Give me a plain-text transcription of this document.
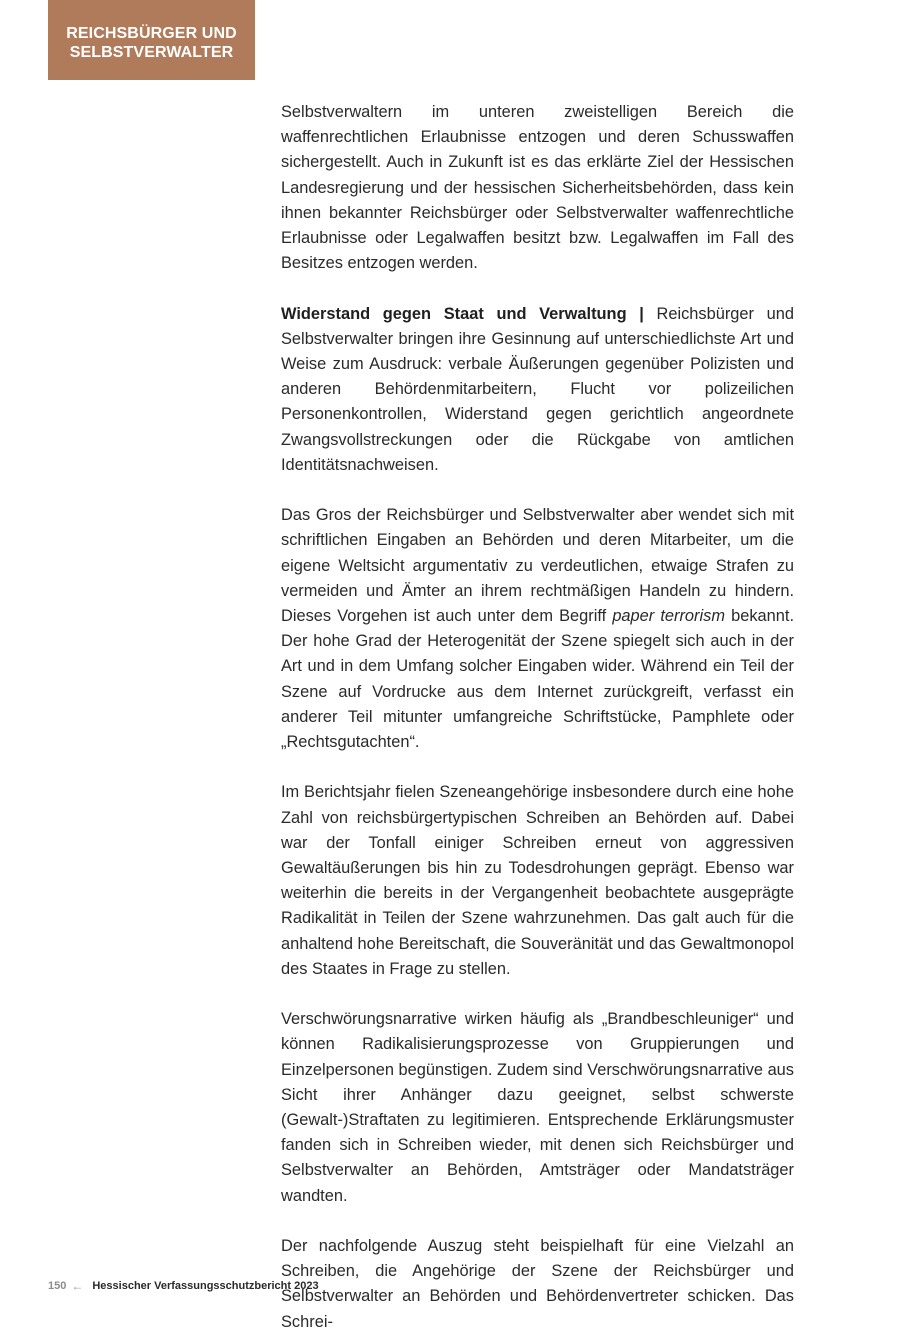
REICHSBÜRGER UND
SELBSTVERWALTER

Selbstverwaltern im unteren zweistelligen Bereich die waffenrechtlichen Erlaubnisse entzogen und deren Schusswaffen sichergestellt. Auch in Zukunft ist es das erklärte Ziel der Hessischen Landesregierung und der hessischen Sicherheitsbehörden, dass kein ihnen bekannter Reichsbürger oder Selbstverwalter waffenrechtliche Erlaubnisse oder Legalwaffen besitzt bzw. Legalwaffen im Fall des Besitzes entzogen werden.

Widerstand gegen Staat und Verwaltung | Reichsbürger und Selbstverwalter bringen ihre Gesinnung auf unterschiedlichste Art und Weise zum Ausdruck: verbale Äußerungen gegenüber Polizisten und anderen Behördenmitarbeitern, Flucht vor polizeilichen Personenkontrollen, Widerstand gegen gerichtlich angeordnete Zwangsvollstreckungen oder die Rückgabe von amtlichen Identitätsnachweisen.

Das Gros der Reichsbürger und Selbstverwalter aber wendet sich mit schriftlichen Eingaben an Behörden und deren Mitarbeiter, um die eigene Weltsicht argumentativ zu verdeutlichen, etwaige Strafen zu vermeiden und Ämter an ihrem rechtmäßigen Handeln zu hindern. Dieses Vorgehen ist auch unter dem Begriff paper terrorism bekannt. Der hohe Grad der Heterogenität der Szene spiegelt sich auch in der Art und in dem Umfang solcher Eingaben wider. Während ein Teil der Szene auf Vordrucke aus dem Internet zurückgreift, verfasst ein anderer Teil mitunter umfangreiche Schriftstücke, Pamphlete oder „Rechtsgutachten“.

Im Berichtsjahr fielen Szeneangehörige insbesondere durch eine hohe Zahl von reichsbürgertypischen Schreiben an Behörden auf. Dabei war der Tonfall einiger Schreiben erneut von aggressiven Gewaltäußerungen bis hin zu Todesdrohungen geprägt. Ebenso war weiterhin die bereits in der Vergangenheit beobachtete ausgeprägte Radikalität in Teilen der Szene wahrzunehmen. Das galt auch für die anhaltend hohe Bereitschaft, die Souveränität und das Gewaltmonopol des Staates in Frage zu stellen.

Verschwörungsnarrative wirken häufig als „Brandbeschleuniger“ und können Radikalisierungsprozesse von Gruppierungen und Einzelpersonen begünstigen. Zudem sind Verschwörungsnarrative aus Sicht ihrer Anhänger dazu geeignet, selbst schwerste (Gewalt-)Straftaten zu legitimieren. Entsprechende Erklärungsmuster fanden sich in Schreiben wieder, mit denen sich Reichsbürger und Selbstverwalter an Behörden, Amtsträger oder Mandatsträger wandten.

Der nachfolgende Auszug steht beispielhaft für eine Vielzahl an Schreiben, die Angehörige der Szene der Reichsbürger und Selbstverwalter an Behörden und Behördenvertreter schicken. Das Schrei-

150 ← Hessischer Verfassungsschutzbericht 2023
